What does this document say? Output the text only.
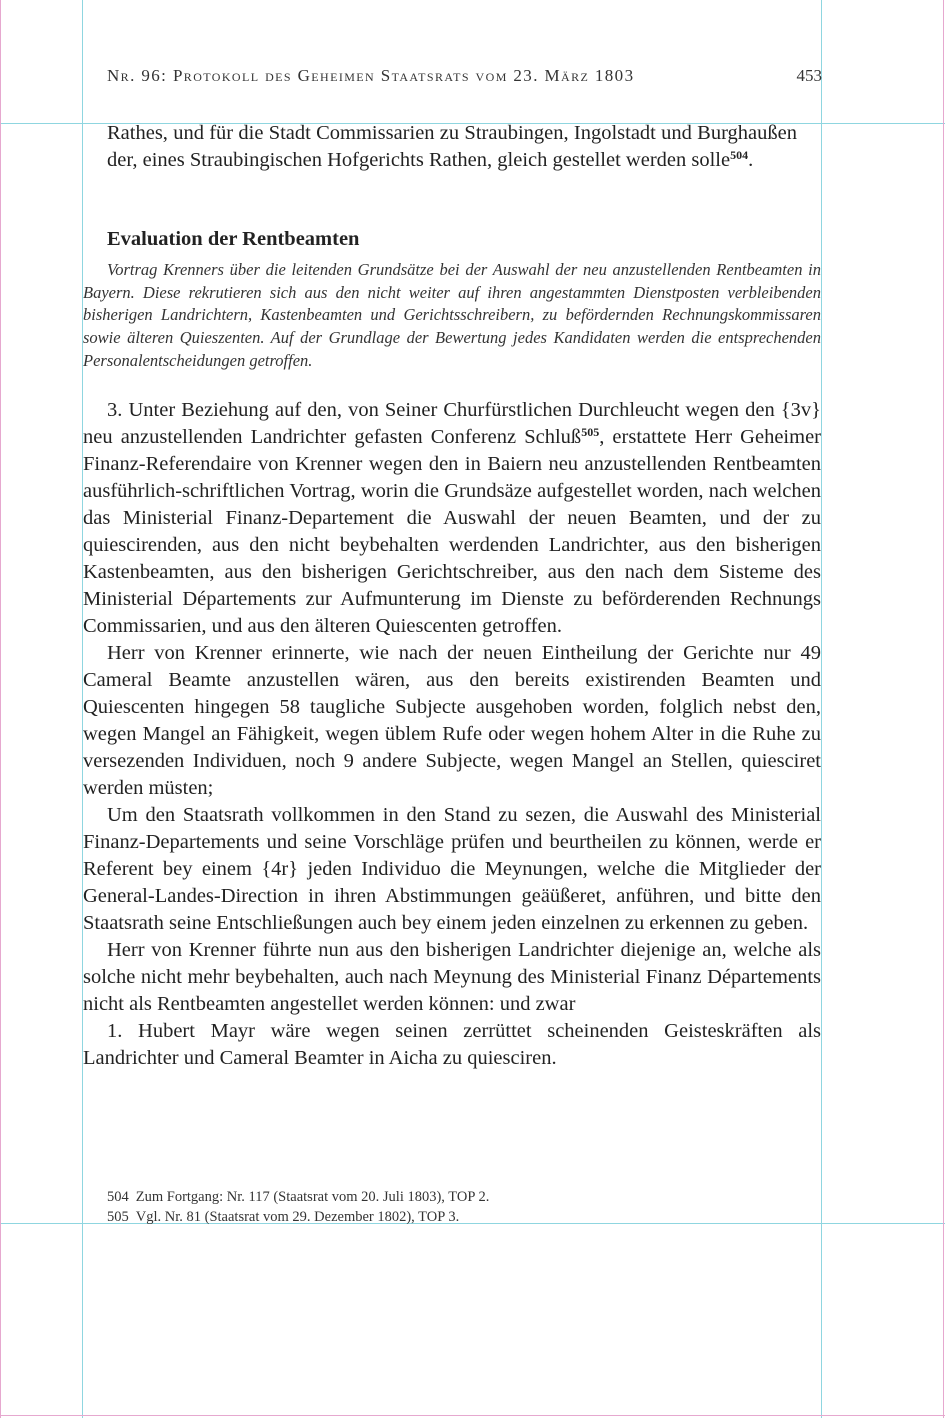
Nr. 96: Protokoll des Geheimen Staatsrats vom 23. März 1803	453

Rathes, und für die Stadt Commissarien zu Straubingen, Ingolstadt und Burghaußen der, eines Straubingischen Hofgerichts Rathen, gleich gestellet werden solle$^{504}$.

Evaluation der Rentbeamten
Vortrag Krenners über die leitenden Grundsätze bei der Auswahl der neu anzustellenden Rentbeamten in Bayern. Diese rekrutieren sich aus den nicht weiter auf ihren angestammten Dienstposten verbleibenden bisherigen Landrichtern, Kastenbeamten und Gerichtsschreibern, zu befördernden Rechnungskommissaren sowie älteren Quieszenten. Auf der Grundlage der Bewertung jedes Kandidaten werden die entsprechenden Personalentscheidungen getroffen.

3. Unter Beziehung auf den, von Seiner Churfürstlichen Durchleucht wegen den {3v} neu anzustellenden Landrichter gefasten Conferenz Schluß$^{505}$, erstattete Herr Geheimer Finanz-Referendaire von Krenner wegen den in Baiern neu anzustellenden Rentbeamten ausführlich-schriftlichen Vortrag, worin die Grundsäze aufgestellet worden, nach welchen das Ministerial Finanz-Departement die Auswahl der neuen Beamten, und der zu quiescirenden, aus den nicht beybehalten werdenden Landrichter, aus den bisherigen Kastenbeamten, aus den bisherigen Gerichtschreiber, aus den nach dem Sisteme des Ministerial Départements zur Aufmunterung im Dienste zu beförderenden Rechnungs Commissarien, und aus den älteren Quiescenten getroffen.

Herr von Krenner erinnerte, wie nach der neuen Eintheilung der Gerichte nur 49 Cameral Beamte anzustellen wären, aus den bereits existirenden Beamten und Quiescenten hingegen 58 taugliche Subjecte ausgehoben worden, folglich nebst den, wegen Mangel an Fähigkeit, wegen üblem Rufe oder wegen hohem Alter in die Ruhe zu versezenden Individuen, noch 9 andere Subjecte, wegen Mangel an Stellen, quiesciret werden müsten;

Um den Staatsrath vollkommen in den Stand zu sezen, die Auswahl des Ministerial Finanz-Departements und seine Vorschläge prüfen und beurtheilen zu können, werde er Referent bey einem {4r} jeden Individuo die Meynungen, welche die Mitglieder der General-Landes-Direction in ihren Abstimmungen geäüßeret, anführen, und bitte den Staatsrath seine Entschließungen auch bey einem jeden einzelnen zu erkennen zu geben.

Herr von Krenner führte nun aus den bisherigen Landrichter diejenige an, welche als solche nicht mehr beybehalten, auch nach Meynung des Ministerial Finanz Départements nicht als Rentbeamten angestellet werden können: und zwar

1. Hubert Mayr wäre wegen seinen zerrüttet scheinenden Geisteskräften als Landrichter und Cameral Beamter in Aicha zu quiesciren.

504 Zum Fortgang: Nr. 117 (Staatsrat vom 20. Juli 1803), TOP 2.
505 Vgl. Nr. 81 (Staatsrat vom 29. Dezember 1802), TOP 3.
